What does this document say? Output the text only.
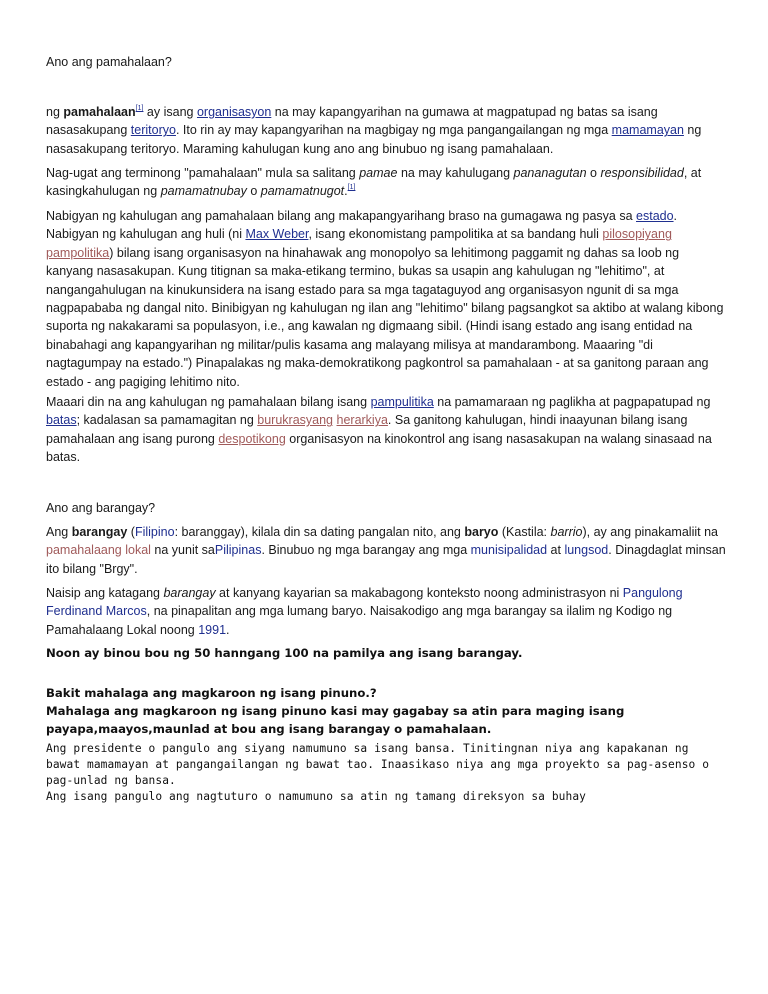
Ano ang pamahalaan?

ng pamahalaan[1] ay isang organisasyon na may kapangyarihan na gumawa at magpatupad ng batas sa isang nasasakupang teritoryo. Ito rin ay may kapangyarihan na magbigay ng mga pangangailangan ng mga mamamayan ng nasasakupang teritoryo. Maraming kahulugan kung ano ang binubuo ng isang pamahalaan.

Nag-ugat ang terminong "pamahalaan" mula sa salitang pamae na may kahulugang pananagutan o responsibilidad, at kasingkahulugan ng pamamatnubay o pamamatnugot.[1]

Nabigyan ng kahulugan ang pamahalaan bilang ang makapangyarihang braso na gumagawa ng pasya sa estado. Nabigyan ng kahulugan ang huli (ni Max Weber, isang ekonomistang pampolitika at sa bandang huli pilosopiyang pampolitika) bilang isang organisasyon na hinahawak ang monopolyo sa lehitimong paggamit ng dahas sa loob ng kanyang nasasakupan. Kung titignan sa maka-etikang termino, bukas sa usapin ang kahulugan ng "lehitimo", at nangangahulugan na kinukunsidera na isang estado para sa mga tagataguyod ang organisasyon ngunit di sa mga nagpapababa ng dangal nito. Binibigyan ng kahulugan ng ilan ang "lehitimo" bilang pagsangkot sa aktibo at walang kibong suporta ng nakakarami sa populasyon, i.e., ang kawalan ng digmaang sibil. (Hindi isang estado ang isang entidad na binabahagi ang kapangyarihan ng militar/pulis kasama ang malayang milisya at mandarambong. Maaaring "di nagtagumpay na estado.") Pinapalakas ng maka-demokratikong pagkontrol sa pamahalaan - at sa ganitong paraan ang estado - ang pagiging lehitimo nito.

Maaari din na ang kahulugan ng pamahalaan bilang isang pampulitika na pamamaraan ng paglikha at pagpapatupad ng batas; kadalasan sa pamamagitan ng burukrasyang herarkiya. Sa ganitong kahulugan, hindi inaayunan bilang isang pamahalaan ang isang purong despotikong organisasyon na kinokontrol ang isang nasasakupan na walang sinasaad na batas.

Ano ang barangay?

Ang barangay (Filipino: baranggay), kilala din sa dating pangalan nito, ang baryo (Kastila: barrio), ay ang pinakamaliit na pamahalaang lokal na yunit saPilipinas. Binubuo ng mga barangay ang mga munisipalidad at lungsod. Dinagdaglat minsan ito bilang "Brgy".

Naisip ang katagang barangay at kanyang kayarian sa makabagong konteksto noong administrasyon ni Pangulong Ferdinand Marcos, na pinapalitan ang mga lumang baryo. Naisakodigo ang mga barangay sa ilalim ng Kodigo ng Pamahalaang Lokal noong 1991.

Noon ay binou bou ng 50 hanngang 100 na pamilya ang isang barangay.

Bakit mahalaga ang magkaroon ng isang pinuno.?

Mahalaga ang magkaroon ng isang pinuno kasi may gagabay sa atin para maging isang payapa,maayos,maunlad at bou ang isang barangay o pamahalaan.

Ang presidente o pangulo ang siyang namumuno sa isang bansa. Tinitingnan niya ang kapakanan ng bawat mamamayan at pangangailangan ng bawat tao. Inaasikaso niya ang mga proyekto sa pag-asenso o pag-unlad ng bansa.

Ang isang pangulo ang nagtuturo o namumuno sa atin ng tamang direksyon sa buhay
